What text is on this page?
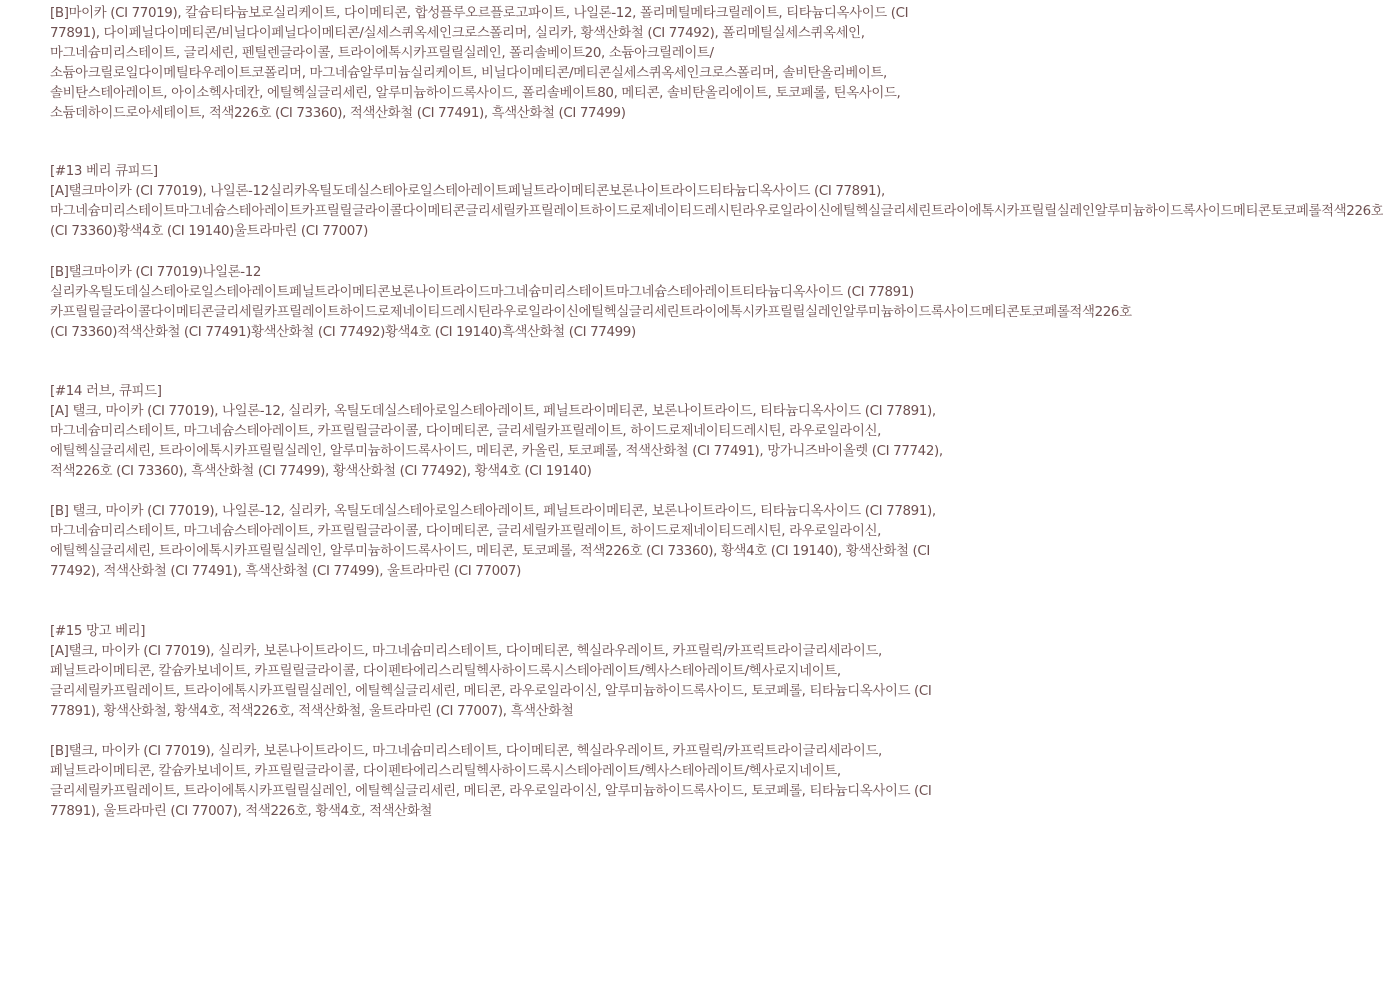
[B]마이카 (CI 77019), 칼슘티타늄보로실리케이트, 다이메티콘, 합성플루오르플로고파이트, 나일론-12, 폴리메틸메타크릴레이트, 티타늄디옥사이드 (CI 77891), 다이페닐다이메티콘/비닐다이페닐다이메티콘/실세스퀴옥세인크로스폴리머, 실리카, 황색산화철 (CI 77492), 폴리메틸실세스퀴옥세인, 마그네슘미리스테이트, 글리세린, 펜틸렌글라이콜, 트라이에톡시카프릴릴실레인, 폴리솔베이트20, 소듐아크릴레이트/소듐아크릴로일다이메틸타우레이트코폴리머, 마그네슘알루미늄실리케이트, 비닐다이메티콘/메티콘실세스퀴옥세인크로스폴리머, 솔비탄올리베이트, 솔비탄스테아레이트, 아이소헥사데칸, 에틸헥실글리세린, 알루미늄하이드록사이드, 폴리솔베이트80, 메티콘, 솔비탄올리에이트, 토코페롤, 틴옥사이드, 소듐데하이드로아세테이트, 적색226호 (CI 73360), 적색산화철 (CI 77491), 흑색산화철 (CI 77499)

[#13 베리 큐피드]

[A]탤크마이카 (CI 77019), 나일론-12실리카옥틸도데실스테아로일스테아레이트페닐트라이메티콘보론나이트라이드티타늄디옥사이드 (CI 77891), 마그네슘미리스테이트마그네슘스테아레이트카프릴릴글라이콜다이메티콘글리세릴카프릴레이트하이드로제네이티드레시틴라우로일라이신에틸헥실글리세린트라이에톡시카프릴릴실레인알루미늄하이드록사이드메티콘토코페롤적색226호 (CI 73360)황색4호 (CI 19140)울트라마린 (CI 77007)

[B]탤크마이카 (CI 77019)나일론-12 실리카옥틸도데실스테아로일스테아레이트페닐트라이메티콘보론나이트라이드마그네슘미리스테이트마그네슘스테아레이트티타늄디옥사이드 (CI 77891)카프릴릴글라이콜다이메티콘글리세릴카프릴레이트하이드로제네이티드레시틴라우로일라이신에틸헥실글리세린트라이에톡시카프릴릴실레인알루미늄하이드록사이드메티콘토코페롤적색226호 (CI 73360)적색산화철 (CI 77491)황색산화철 (CI 77492)황색4호 (CI 19140)흑색산화철 (CI 77499)

[#14 러브, 큐피드]

[A] 탤크, 마이카 (CI 77019), 나일론-12, 실리카, 옥틸도데실스테아로일스테아레이트, 페닐트라이메티콘, 보론나이트라이드, 티타늄디옥사이드 (CI 77891), 마그네슘미리스테이트, 마그네슘스테아레이트, 카프릴릴글라이콜, 다이메티콘, 글리세릴카프릴레이트, 하이드로제네이티드레시틴, 라우로일라이신, 에틸헥실글리세린, 트라이에톡시카프릴릴실레인, 알루미늄하이드록사이드, 메티콘, 카올린, 토코페롤, 적색산화철 (CI 77491), 망가니즈바이올렛 (CI 77742), 적색226호 (CI 73360), 흑색산화철 (CI 77499), 황색산화철 (CI 77492), 황색4호 (CI 19140)

[B] 탤크, 마이카 (CI 77019), 나일론-12, 실리카, 옥틸도데실스테아로일스테아레이트, 페닐트라이메티콘, 보론나이트라이드, 티타늄디옥사이드 (CI 77891), 마그네슘미리스테이트, 마그네슘스테아레이트, 카프릴릴글라이콜, 다이메티콘, 글리세릴카프릴레이트, 하이드로제네이티드레시틴, 라우로일라이신, 에틸헥실글리세린, 트라이에톡시카프릴릴실레인, 알루미늄하이드록사이드, 메티콘, 토코페롤, 적색226호 (CI 73360), 황색4호 (CI 19140), 황색산화철 (CI 77492), 적색산화철 (CI 77491), 흑색산화철 (CI 77499), 울트라마린 (CI 77007)

[#15 망고 베리]

[A]탤크, 마이카 (CI 77019), 실리카, 보론나이트라이드, 마그네슘미리스테이트, 다이메티콘, 헥실라우레이트, 카프릴릭/카프릭트라이글리세라이드, 페닐트라이메티콘, 칼슘카보네이트, 카프릴릴글라이콜, 다이펜타에리스리틸헥사하이드록시스테아레이트/헥사스테아레이트/헥사로지네이트, 글리세릴카프릴레이트, 트라이에톡시카프릴릴실레인, 에틸헥실글리세린, 메티콘, 라우로일라이신, 알루미늄하이드록사이드, 토코페롤, 티타늄디옥사이드 (CI 77891), 황색산화철, 황색4호, 적색226호, 적색산화철, 울트라마린 (CI 77007), 흑색산화철

[B]탤크, 마이카 (CI 77019), 실리카, 보론나이트라이드, 마그네슘미리스테이트, 다이메티콘, 헥실라우레이트, 카프릴릭/카프릭트라이글리세라이드, 페닐트라이메티콘, 칼슘카보네이트, 카프릴릴글라이콜, 다이펜타에리스리틸헥사하이드록시스테아레이트/헥사스테아레이트/헥사로지네이트, 글리세릴카프릴레이트, 트라이에톡시카프릴릴실레인, 에틸헥실글리세린, 메티콘, 라우로일라이신, 알루미늄하이드록사이드, 토코페롤, 티타늄디옥사이드 (CI 77891), 울트라마린 (CI 77007), 적색226호, 황색4호, 적색산화철
